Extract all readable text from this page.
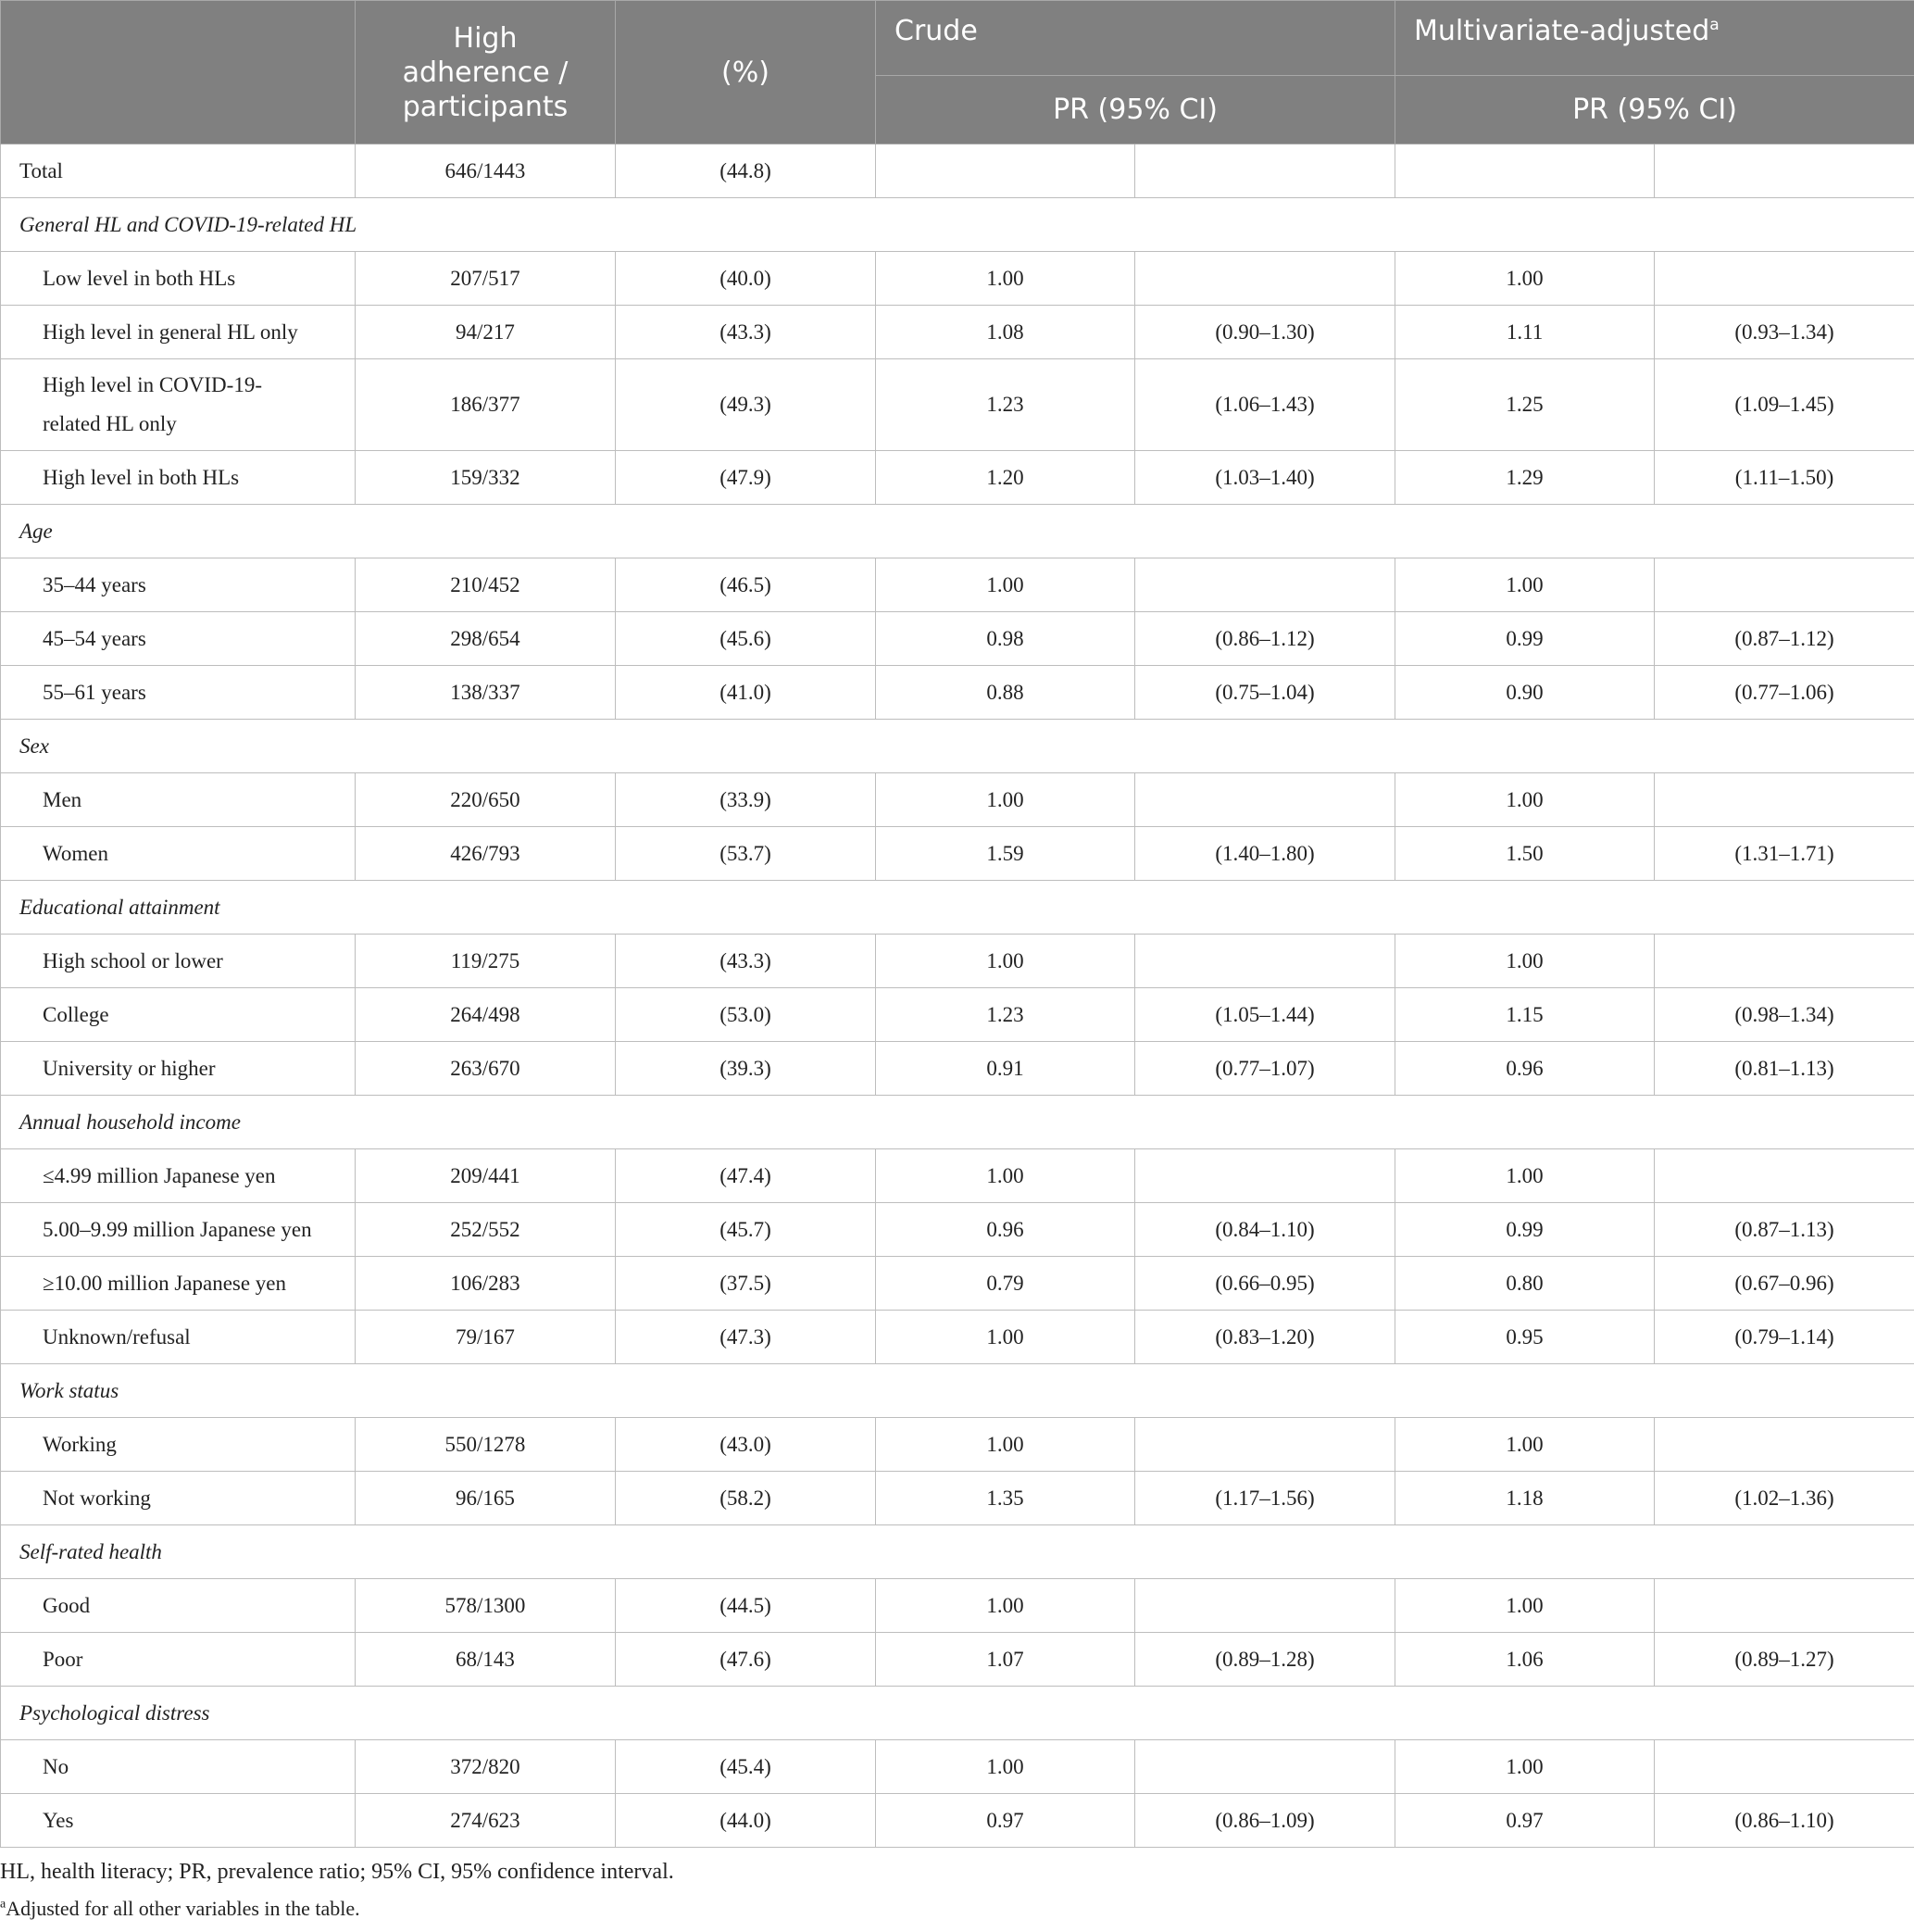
	High adherence / participants	(%)	Crude		Multivariate-adjusted$^a$
			PR (95% CI)		PR (95% CI)	
Total	646/1443	(44.8)				
General HL and COVID-19-related HL						
Low level in both HLs	207/517	(40.0)	1.00		1.00	
High level in general HL only	94/217	(43.3)	1.08	(0.90–1.30)	1.11	(0.93–1.34)
High level in COVID-19-related HL only	186/377	(49.3)	1.23	(1.06–1.43)	1.25	(1.09–1.45)
High level in both HLs	159/332	(47.9)	1.20	(1.03–1.40)	1.29	(1.11–1.50)
Age						
35–44 years	210/452	(46.5)	1.00		1.00	
45–54 years	298/654	(45.6)	0.98	(0.86–1.12)	0.99	(0.87–1.12)
55–61 years	138/337	(41.0)	0.88	(0.75–1.04)	0.90	(0.77–1.06)
Sex						
Men	220/650	(33.9)	1.00		1.00	
Women	426/793	(53.7)	1.59	(1.40–1.80)	1.50	(1.31–1.71)
Educational attainment						
High school or lower	119/275	(43.3)	1.00		1.00	
College	264/498	(53.0)	1.23	(1.05–1.44)	1.15	(0.98–1.34)
University or higher	263/670	(39.3)	0.91	(0.77–1.07)	0.96	(0.81–1.13)
Annual household income						
≤4.99 million Japanese yen	209/441	(47.4)	1.00		1.00	
5.00–9.99 million Japanese yen	252/552	(45.7)	0.96	(0.84–1.10)	0.99	(0.87–1.13)
≥10.00 million Japanese yen	106/283	(37.5)	0.79	(0.66–0.95)	0.80	(0.67–0.96)
Unknown/refusal	79/167	(47.3)	1.00	(0.83–1.20)	0.95	(0.79–1.14)
Work status						
Working	550/1278	(43.0)	1.00		1.00	
Not working	96/165	(58.2)	1.35	(1.17–1.56)	1.18	(1.02–1.36)
Self-rated health						
Good	578/1300	(44.5)	1.00		1.00	
Poor	68/143	(47.6)	1.07	(0.89–1.28)	1.06	(0.89–1.27)
Psychological distress						
No	372/820	(45.4)	1.00		1.00	
Yes	274/623	(44.0)	0.97	(0.86–1.09)	0.97	(0.86–1.10)
HL, health literacy; PR, prevalence ratio; 95% CI, 95% confidence interval.
$^a$Adjusted for all other variables in the table.
